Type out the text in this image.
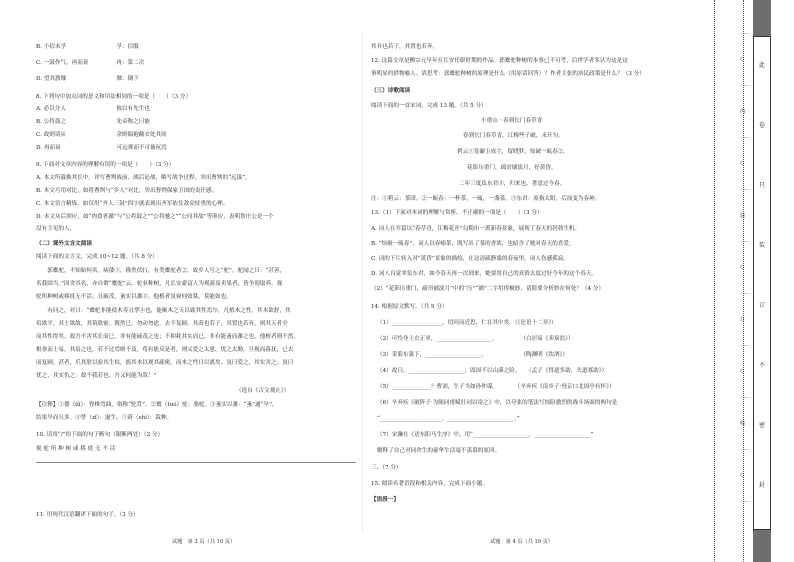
B. 小信未孚　　　　　　　　　孚：信服
C. 一鼓作气，再而衰　　　　　再：第二次
D. 望其旗靡　　　　　　　　　靡：倒下
8. 下列句中加点词的意义和用法相同的一项是（　　）（3 分）
A. 必以分人　　　　　　　　　彼以有先生也
B. 公将鼓之　　　　　　　　　先帝称之曰能
C. 故则请从　　　　　　　　　余则缊袍敝衣处其间
D. 再而衰　　　　　　　　　　可远观而不可亵玩焉
9. 下面对文章内容的理解有误的一项是（　　）（3 分）
A. 本文所载换其长中，详写曹刿战前、战后论战，略写战争过程，突出曹刿的“远谋”。
B. 本文巧用对比，如将曹刿与“乡人”对比，突出曹刿保家卫国的责任感。
C. 本文语言精炼，如仅用“齐人三鼓”四字就表现出齐军依仗敌众恃勇的心理。
D. 本文从后照应，如“肉食者鄙”与“公将鼓之”“公将驰之”“公问其故”等照应，表明鲁庄公是一个
没有主见的人。
（二）课外文言文阅读
阅读下面的文言文，完成 10~12 题。（共 8 分）
　　郭橐驼，不知始何名。病偻①，隆然伏行，有类橐驼者②，故乡人号之“驼”。驼闻之曰：“甚善，
名我固当。”因舍其名，亦自谓“橐驼”云。驼业种树，凡长安豪富人为观游及卖果者，皆争迎取养。视
驼所种树或移徙无不活；且硕茂，蚤实以蕃③。他植者虽窥伺效慕，莫能如也。
　　有问之，对曰：“橐驼非能使木寿且孳④也，能顺木之天以致其性焉尔。凡植木之性，其本欲舒，其
培欲平，其土欲故，其筑欲密。既然已，勿动勿虑，去不复顾。其莳也若子，其置也若弃，则其天者全
而其性得矣。故吾不害其长而已，非有能硕茂之也；不抑耗其实而已，非有能蚤而蕃之也。他植者则不然，
根拳而土易，其培之也，若不过焉则不及。苟有能反是者，则又爱之太恩，忧之太勤，旦视而暮抚，已去
而复顾。甚者，爪其肤以验其生枯，摇其本以观其疏密，而木之性日以离矣。虽曰爱之，其实害之；虽曰
忧之，其实仇之：故不我若也。吾又何能为哉！”
（选自《古文观止》）
【注释】①偻（lǚ）：脊椎弯曲，俗称“驼背”。②橐（tuó）驼：骆驼。③蚤实以蕃：“蚤”通“早”，
结果早而且多。④孳（zī）：滋生。⑤莳（shì）：栽种。
10. 请用“/”给下面的句子断句（限断两处）（2 分）
视 驼 所 种 树 或 移 徙 无 不 活
11. 用现代汉语翻译下面的句子。（3 分）
试题　第 3 页（共 10 页）
其非也若子，其置也若弃。
12. 这篇文章是柳宗元早年在长安任职时期的作品。郭橐驼种树的本事已不可考，后世学者多认为这是这
事明显的借物喻人。请思考：郭橐驼种树的原理是什么（用原话回答）？作者主张的治民政策是什么？（3 分）
（三）诗歌阅读
阅读下面的一首宋词，完成 13 题。（共 5 分）
小重山 · 春到长门春草青
春到长门春草青，江梅些子破，未开匀。
碧云①笼碾玉成尘，留晓梦，惊破一瓯春②。
花影压重门，疏帘铺淡月，好黄昏。
二年三度负东君③，归来也，著意过今春。
注：①碧云：茶团。②一瓯春：一杯茶，一瓯，一盏茶。③东君：原指太阳，后演变为春神。
13.（1）下面对本词的理解与赏析，不正确的一项是（　　）（3 分）
A. 词人在开篇以“春草青，江梅花开”勾勒出一派新春景象，展现了春天的勃勃生机。
B. “惊破一瓯春”，词人以春喻茶，既写出了茶的香浓，也暗含了她对春天的喜爱。
C. 词的下片转入对“黄昏”景象的描绘，在这清疏静谧的春夜里，词人伤感孤寂。
D. 词人自觉辜负东君，如今春天再一次到来，她要用自己的真情去度过好今年的这个春天。
（2）“花影压重门，疏帘铺淡月”中的“压”“铺”二字用得极妙，请简要分析妙在何处？（4 分）
14. 根据原文默写。（共 9 分）
（1）__________________，切问而近思，仁在其中矣。（《论语十二章》）
（2）可怜身上衣正单，____________________。　　　　　（白居易《卖炭翁》）
（3）采菊东篱下，____________________。　　　　　　　（陶渊明《饮酒》）
（4）故曰，____________________，固国不以山溪之险。　　（孟子《得道多助，失道寡助》）
（5）______________？曹刘，生子当如孙仲谋。　　　　（辛弃疾《南乡子·登京口北固亭有怀》）
（6）辛弃疾《破阵子·为陈同甫赋壮词以寄之》中，以夸张的笔法写惊险激烈的战斗场面的两句是
“______________________，________________________。”
（7）宋濂在《送东阳马生序》中，用“____________________，____________________”
解释了自己对同舍生的豪华生活毫不羡慕的原因。
三、（7 分）
15. 阅读名著语段和相关内容，完成下面小题。
【语段一】
试题　第 4 页（共 10 页）
此
卷
只
装
订
不
密
封
……
○
……
内
……
○
……
装
……
○
……
订
……
○
……
线
……
○
……
